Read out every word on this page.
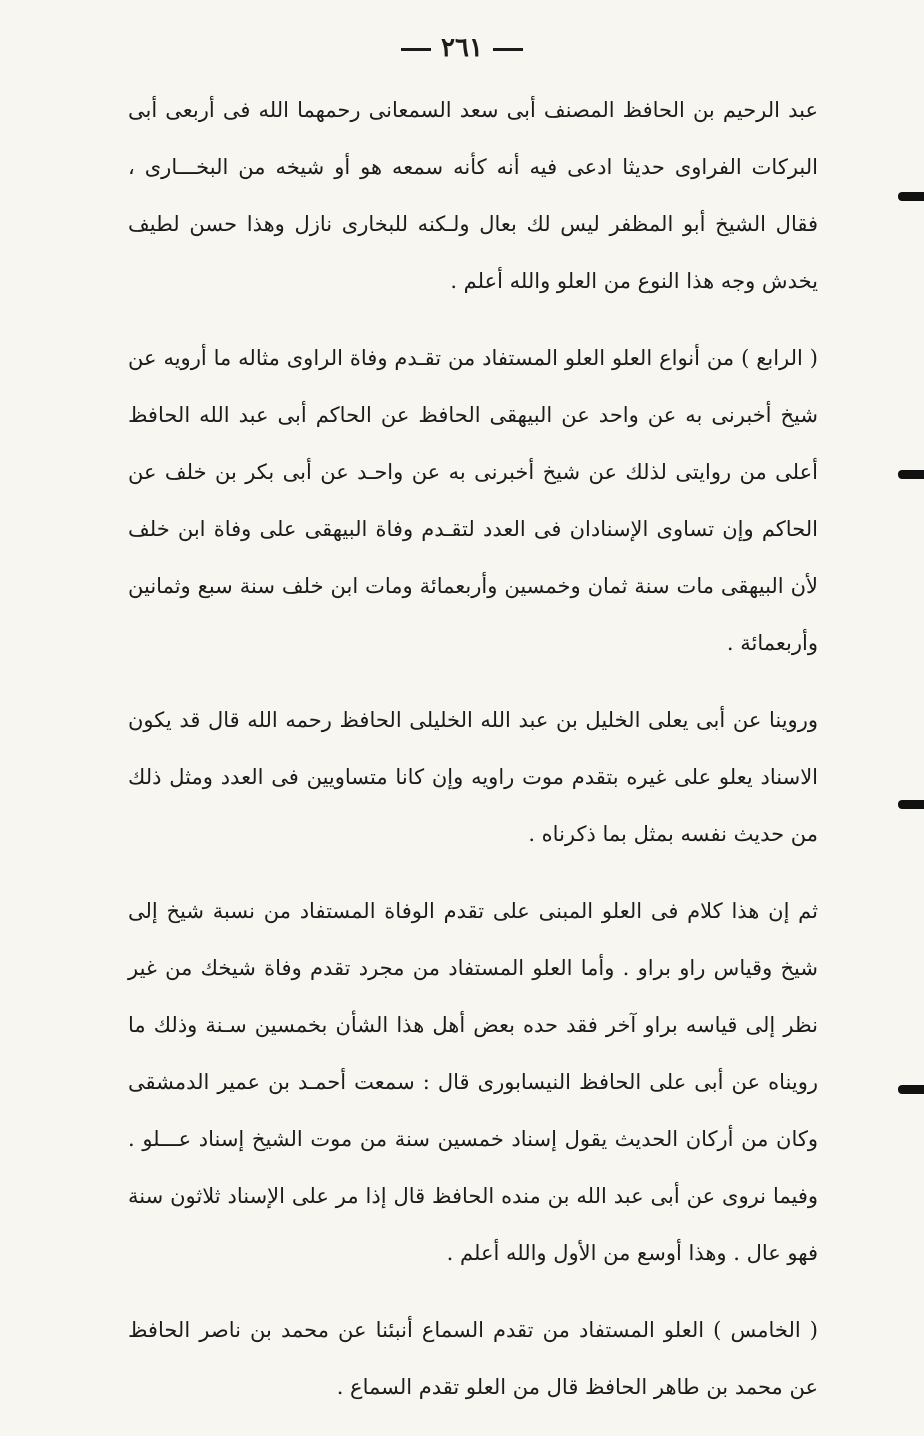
٢٦١

عبد الرحيم بن الحافظ المصنف أبى سعد السمعانى رحمهما الله فى أربعى أبى البركات الفراوى حديثا ادعى فيه أنه كأنه سمعه هو أو شيخه من البخـــارى ، فقال الشيخ أبو المظفر ليس لك بعال ولـكنه للبخارى نازل وهذا حسن لطيف يخدش وجه هذا النوع من العلو والله أعلم .

( الرابع ) من أنواع العلو العلو المستفاد من تقـدم وفاة الراوى مثاله ما أرويه عن شيخ أخبرنى به عن واحد عن البيهقى الحافظ عن الحاكم أبى عبد الله الحافظ أعلى من روايتى لذلك عن شيخ أخبرنى به عن واحـد عن أبى بكر بن خلف عن الحاكم وإن تساوى الإسنادان فى العدد لتقـدم وفاة البيهقى على وفاة ابن خلف لأن البيهقى مات سنة ثمان وخمسين وأربعمائة ومات ابن خلف سنة سبع وثمانين وأربعمائة .

وروينا عن أبى يعلى الخليل بن عبد الله الخليلى الحافظ رحمه الله قال قد يكون الاسناد يعلو على غيره بتقدم موت راويه وإن كانا متساويين فى العدد ومثل ذلك من حديث نفسه بمثل بما ذكرناه .

ثم إن هذا كلام فى العلو المبنى على تقدم الوفاة المستفاد من نسبة شيخ إلى شيخ وقياس راو براو . وأما العلو المستفاد من مجرد تقدم وفاة شيخك من غير نظر إلى قياسه براو آخر فقد حده بعض أهل هذا الشأن بخمسين سـنة وذلك ما رويناه عن أبى على الحافظ النيسابورى قال : سمعت أحمـد بن عمير الدمشقى وكان من أركان الحديث يقول إسناد خمسين سنة من موت الشيخ إسناد عـــلو . وفيما نروى عن أبى عبد الله بن منده الحافظ قال إذا مر على الإسناد ثلاثون سنة فهو عال . وهذا أوسع من الأول والله أعلم .

( الخامس ) العلو المستفاد من تقدم السماع أنبئنا عن محمد بن ناصر الحافظ عن محمد بن طاهر الحافظ قال من العلو تقدم السماع .
